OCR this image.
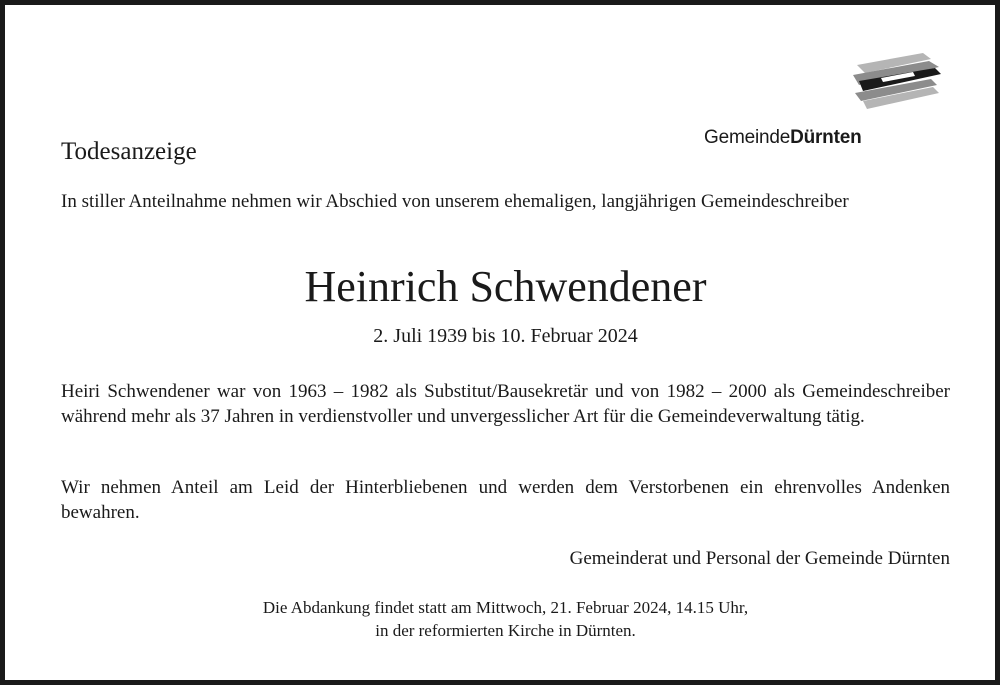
GemeindeDürnten
Todesanzeige
In stiller Anteilnahme nehmen wir Abschied von unserem ehemaligen, langjährigen Gemeindeschreiber
Heinrich Schwendener
2. Juli 1939 bis 10. Februar 2024
Heiri Schwendener war von 1963 – 1982 als Substitut/Bausekretär und von 1982 – 2000 als Gemeindeschreiber während mehr als 37 Jahren in verdienstvoller und unvergesslicher Art für die Gemeindeverwaltung tätig.
Wir nehmen Anteil am Leid der Hinterbliebenen und werden dem Verstorbenen ein ehrenvolles Andenken bewahren.
Gemeinderat und Personal der Gemeinde Dürnten
Die Abdankung findet statt am Mittwoch, 21. Februar 2024, 14.15 Uhr,
in der reformierten Kirche in Dürnten.
